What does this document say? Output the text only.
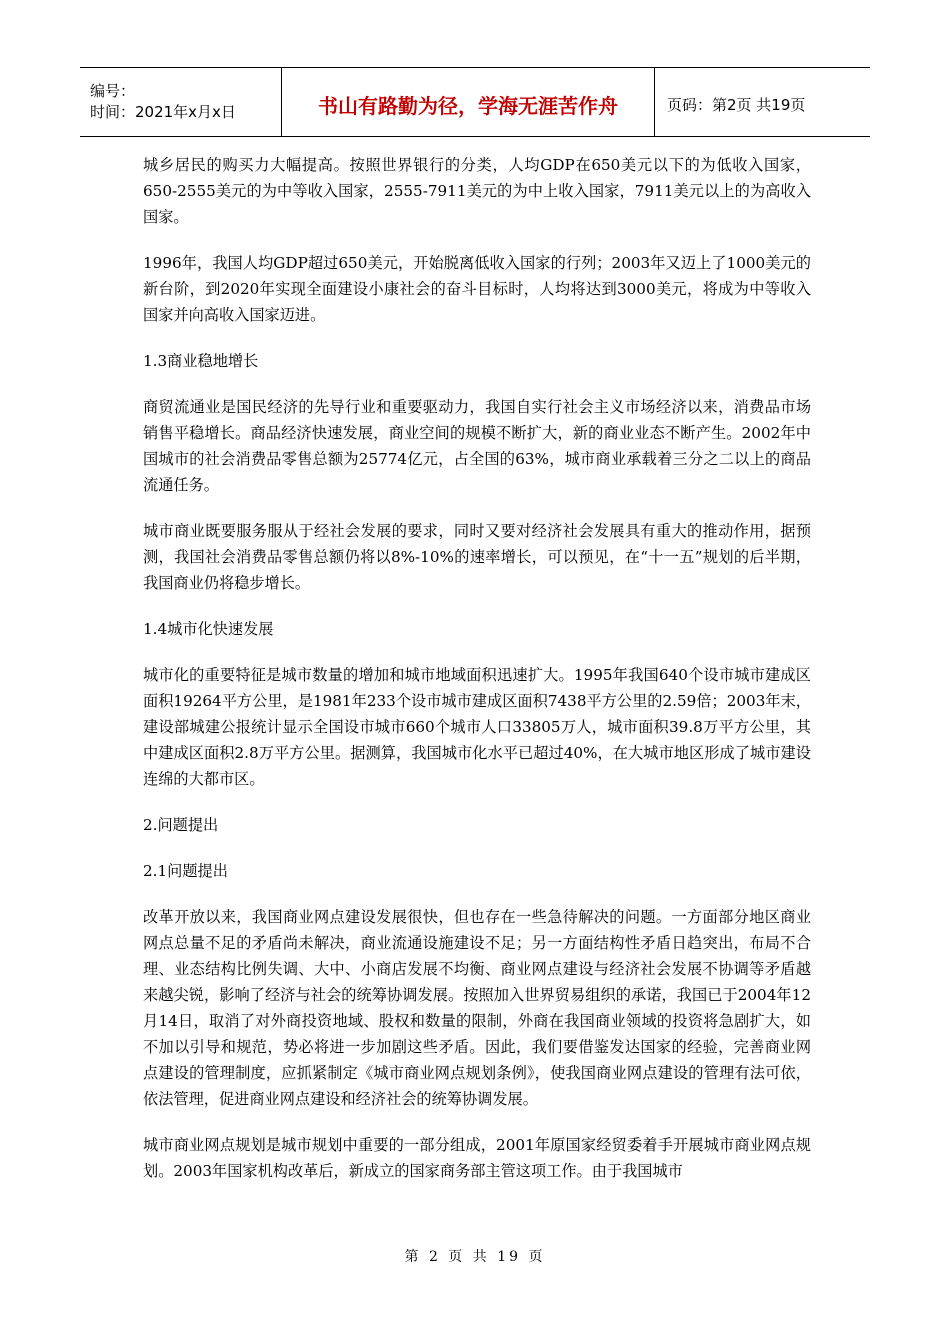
编号：
时间：2021年x月x日	书山有路勤为径，学海无涯苦作舟	页码：第2页 共19页

城乡居民的购买力大幅提高。按照世界银行的分类，人均GDP在650美元以下的为低收入国家，650-2555美元的为中等收入国家，2555-7911美元的为中上收入国家，7911美元以上的为高收入国家。

1996年，我国人均GDP超过650美元，开始脱离低收入国家的行列；2003年又迈上了1000美元的新台阶，到2020年实现全面建设小康社会的奋斗目标时，人均将达到3000美元，将成为中等收入国家并向高收入国家迈进。

1.3商业稳地增长

商贸流通业是国民经济的先导行业和重要驱动力，我国自实行社会主义市场经济以来，消费品市场销售平稳增长。商品经济快速发展，商业空间的规模不断扩大，新的商业业态不断产生。2002年中国城市的社会消费品零售总额为25774亿元，占全国的63%，城市商业承载着三分之二以上的商品流通任务。

城市商业既要服务服从于经社会发展的要求，同时又要对经济社会发展具有重大的推动作用，据预测，我国社会消费品零售总额仍将以8%-10%的速率增长，可以预见，在“十一五”规划的后半期，我国商业仍将稳步增长。

1.4城市化快速发展

城市化的重要特征是城市数量的增加和城市地域面积迅速扩大。1995年我国640个设市城市建成区面积19264平方公里，是1981年233个设市城市建成区面积7438平方公里的2.59倍；2003年末，建设部城建公报统计显示全国设市城市660个城市人口33805万人，城市面积39.8万平方公里，其中建成区面积2.8万平方公里。据测算，我国城市化水平已超过40%，在大城市地区形成了城市建设连绵的大都市区。

2.问题提出

2.1问题提出

改革开放以来，我国商业网点建设发展很快，但也存在一些急待解决的问题。一方面部分地区商业网点总量不足的矛盾尚未解决，商业流通设施建设不足；另一方面结构性矛盾日趋突出，布局不合理、业态结构比例失调、大中、小商店发展不均衡、商业网点建设与经济社会发展不协调等矛盾越来越尖锐，影响了经济与社会的统筹协调发展。按照加入世界贸易组织的承诺，我国已于2004年12月14日，取消了对外商投资地域、股权和数量的限制，外商在我国商业领域的投资将急剧扩大，如不加以引导和规范，势必将进一步加剧这些矛盾。因此，我们要借鉴发达国家的经验，完善商业网点建设的管理制度，应抓紧制定《城市商业网点规划条例》，使我国商业网点建设的管理有法可依，依法管理，促进商业网点建设和经济社会的统筹协调发展。

城市商业网点规划是城市规划中重要的一部分组成，2001年原国家经贸委着手开展城市商业网点规划。2003年国家机构改革后，新成立的国家商务部主管这项工作。由于我国城市

第 2 页 共 19 页
